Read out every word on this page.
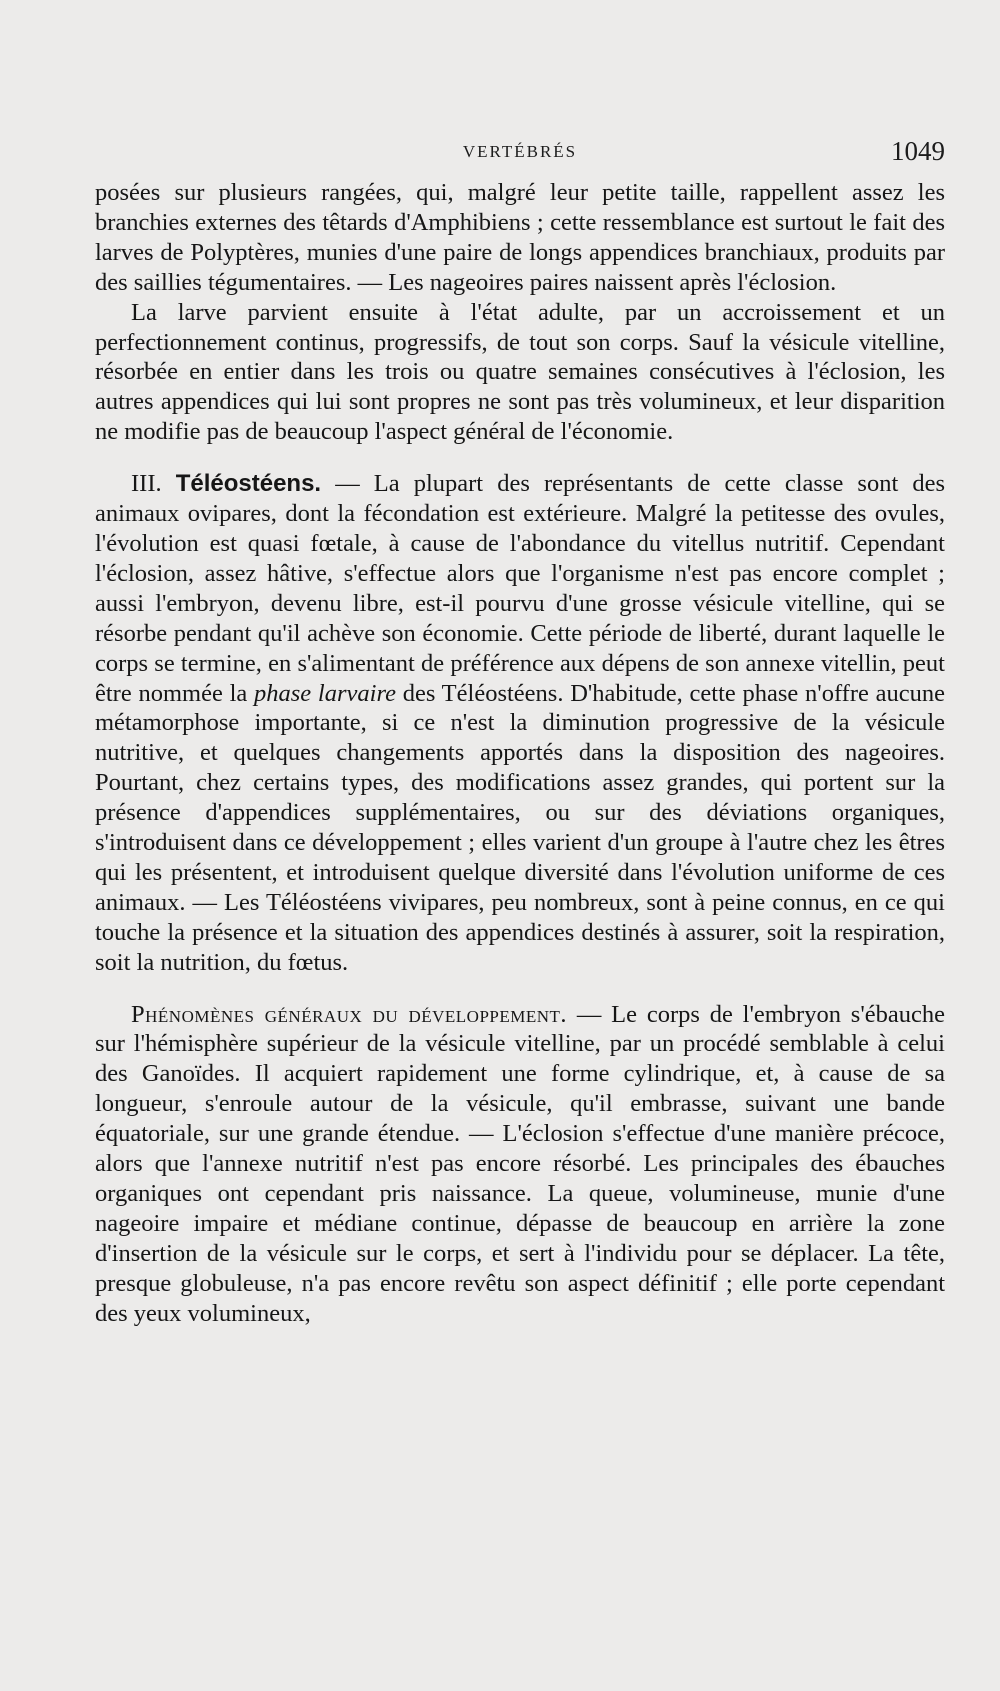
VERTÉBRÉS	1049

posées sur plusieurs rangées, qui, malgré leur petite taille, rappellent assez les branchies externes des têtards d'Amphibiens ; cette ressemblance est surtout le fait des larves de Polyptères, munies d'une paire de longs appendices branchiaux, produits par des saillies tégumentaires. — Les nageoires paires naissent après l'éclosion.

La larve parvient ensuite à l'état adulte, par un accroissement et un perfectionnement continus, progressifs, de tout son corps. Sauf la vésicule vitelline, résorbée en entier dans les trois ou quatre semaines consécutives à l'éclosion, les autres appendices qui lui sont propres ne sont pas très volumineux, et leur disparition ne modifie pas de beaucoup l'aspect général de l'économie.

III. Téléostéens. — La plupart des représentants de cette classe sont des animaux ovipares, dont la fécondation est extérieure. Malgré la petitesse des ovules, l'évolution est quasi fœtale, à cause de l'abondance du vitellus nutritif. Cependant l'éclosion, assez hâtive, s'effectue alors que l'organisme n'est pas encore complet ; aussi l'embryon, devenu libre, est-il pourvu d'une grosse vésicule vitelline, qui se résorbe pendant qu'il achève son économie. Cette période de liberté, durant laquelle le corps se termine, en s'alimentant de préférence aux dépens de son annexe vitellin, peut être nommée la phase larvaire des Téléostéens. D'habitude, cette phase n'offre aucune métamorphose importante, si ce n'est la diminution progressive de la vésicule nutritive, et quelques changements apportés dans la disposition des nageoires. Pourtant, chez certains types, des modifications assez grandes, qui portent sur la présence d'appendices supplémentaires, ou sur des déviations organiques, s'introduisent dans ce développement ; elles varient d'un groupe à l'autre chez les êtres qui les présentent, et introduisent quelque diversité dans l'évolution uniforme de ces animaux. — Les Téléostéens vivipares, peu nombreux, sont à peine connus, en ce qui touche la présence et la situation des appendices destinés à assurer, soit la respiration, soit la nutrition, du fœtus.

Phénomènes généraux du développement. — Le corps de l'embryon s'ébauche sur l'hémisphère supérieur de la vésicule vitelline, par un procédé semblable à celui des Ganoïdes. Il acquiert rapidement une forme cylindrique, et, à cause de sa longueur, s'enroule autour de la vésicule, qu'il embrasse, suivant une bande équatoriale, sur une grande étendue. — L'éclosion s'effectue d'une manière précoce, alors que l'annexe nutritif n'est pas encore résorbé. Les principales des ébauches organiques ont cependant pris naissance. La queue, volumineuse, munie d'une nageoire impaire et médiane continue, dépasse de beaucoup en arrière la zone d'insertion de la vésicule sur le corps, et sert à l'individu pour se déplacer. La tête, presque globuleuse, n'a pas encore revêtu son aspect définitif ; elle porte cependant des yeux volumineux,
